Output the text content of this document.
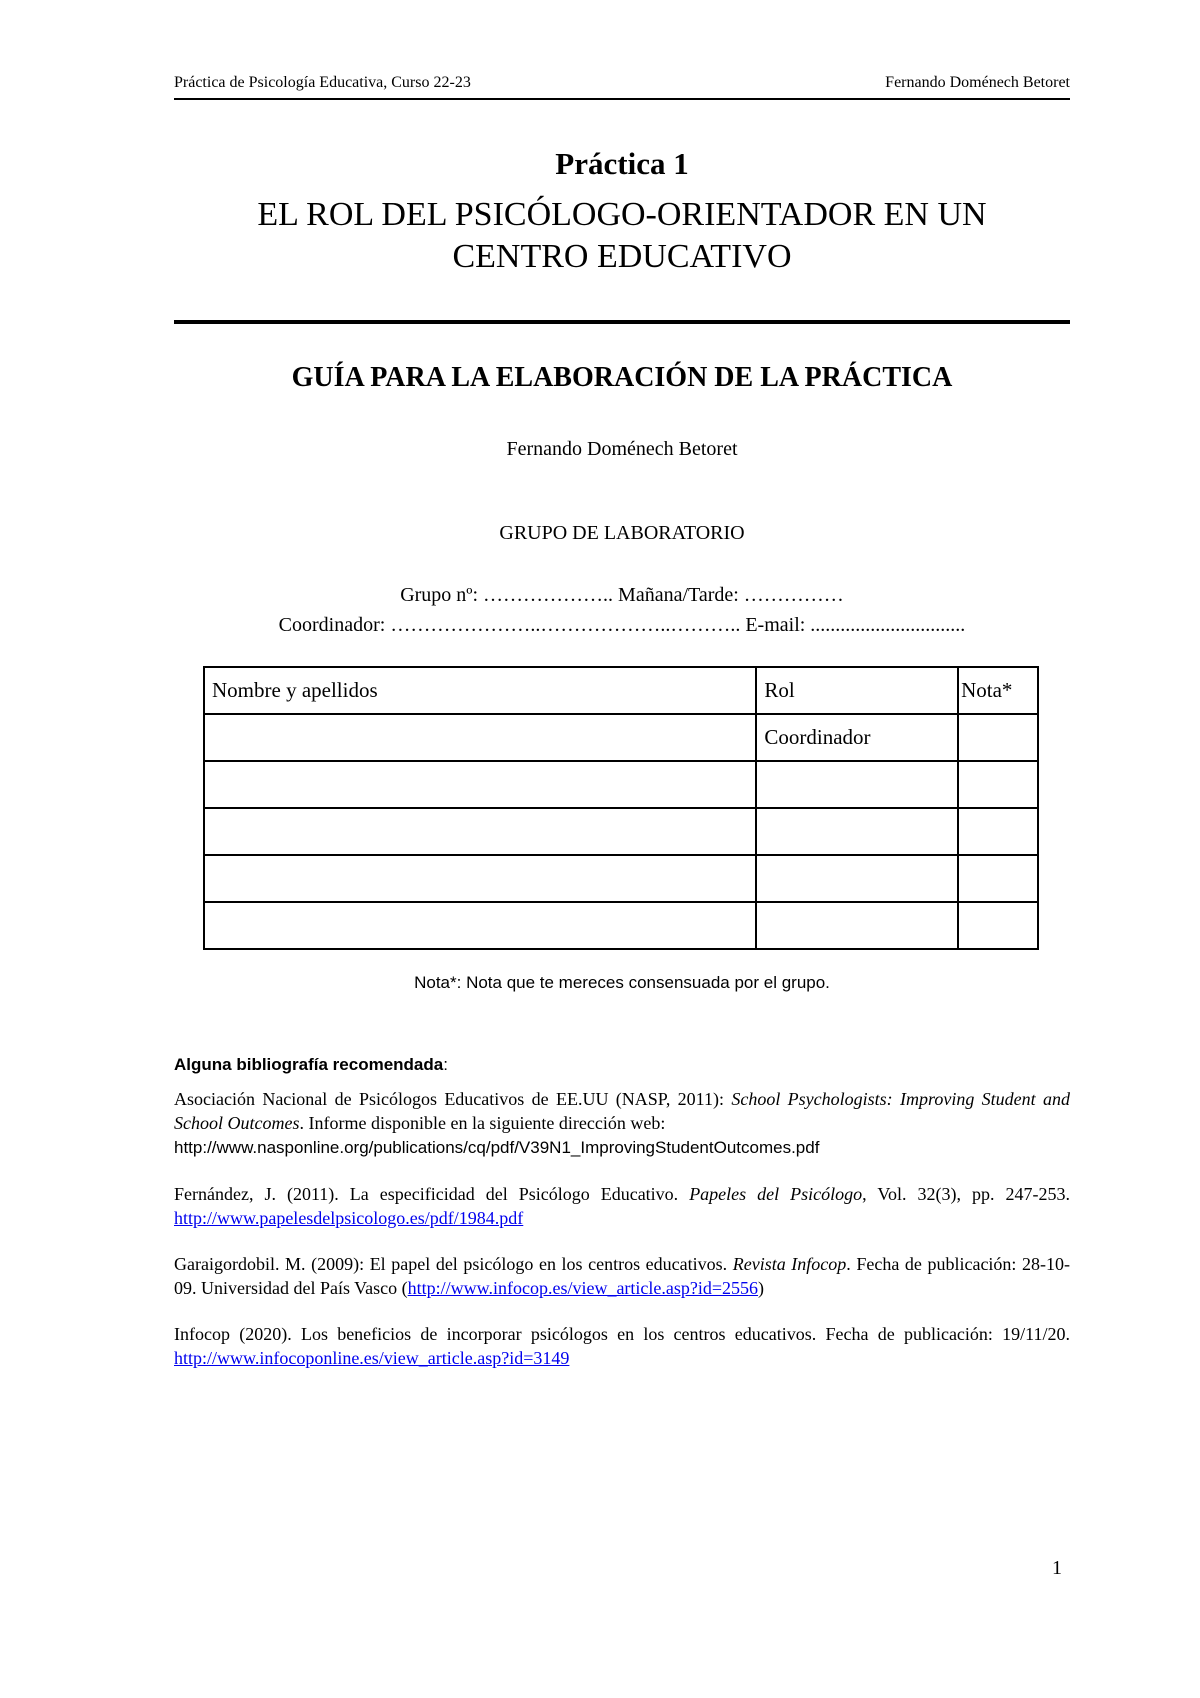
Práctica de Psicología Educativa, Curso 22-23	Fernando Doménech Betoret
Práctica 1
EL ROL DEL PSICÓLOGO-ORIENTADOR EN UN
CENTRO EDUCATIVO
GUÍA PARA LA ELABORACIÓN DE LA PRÁCTICA
Fernando Doménech Betoret
GRUPO DE LABORATORIO
Grupo nº: ……………….. Mañana/Tarde: ……………
Coordinador: …………………..………………..……….. E-mail: ...............................
Nombre y apellidos	Rol	Nota*
	Coordinador	

Nota*: Nota que te mereces consensuada por el grupo.

Alguna bibliografía recomendada:

Asociación Nacional de Psicólogos Educativos de EE.UU (NASP, 2011): School Psychologists: Improving Student and School Outcomes. Informe disponible en la siguiente dirección web:
http://www.nasponline.org/publications/cq/pdf/V39N1_ImprovingStudentOutcomes.pdf

Fernández, J. (2011). La especificidad del Psicólogo Educativo. Papeles del Psicólogo, Vol. 32(3), pp. 247-253. http://www.papelesdelpsicologo.es/pdf/1984.pdf

Garaigordobil. M. (2009): El papel del psicólogo en los centros educativos. Revista Infocop. Fecha de publicación: 28-10-09. Universidad del País Vasco (http://www.infocop.es/view_article.asp?id=2556)

Infocop (2020). Los beneficios de incorporar psicólogos en los centros educativos. Fecha de publicación: 19/11/20. http://www.infocoponline.es/view_article.asp?id=3149

1
